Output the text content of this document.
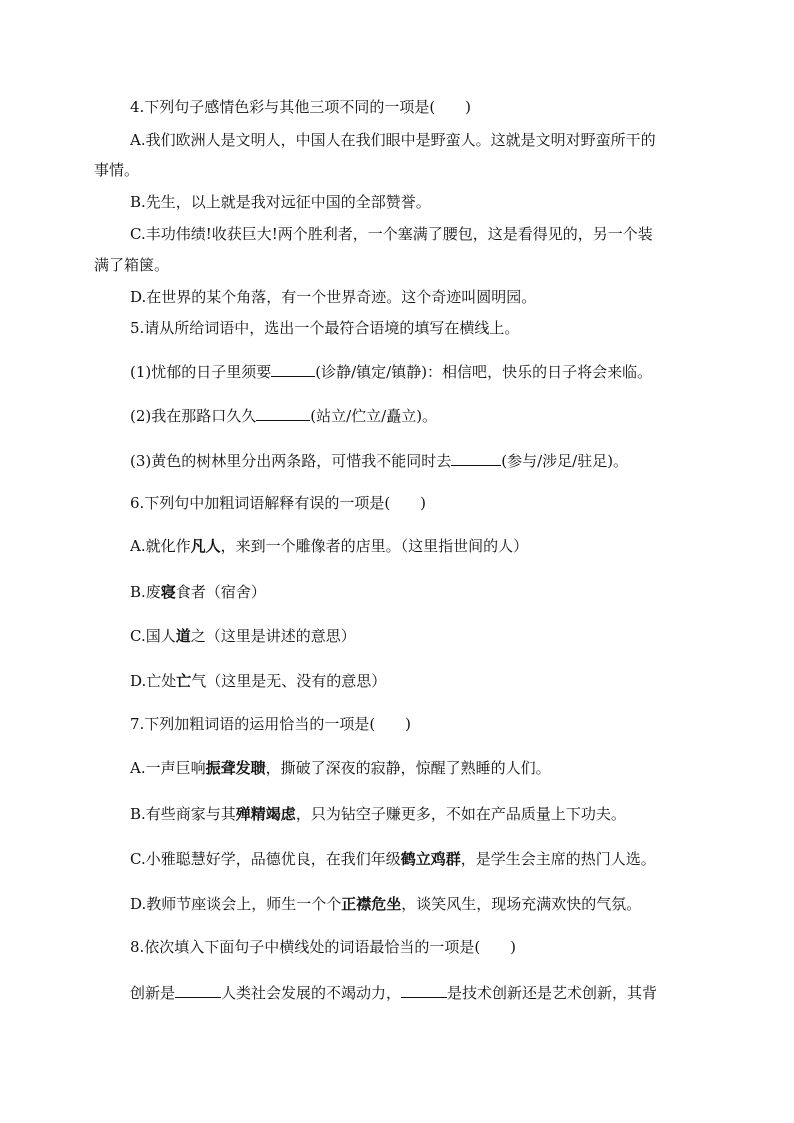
4.下列句子感情色彩与其他三项不同的一项是(　　)
A.我们欧洲人是文明人，中国人在我们眼中是野蛮人。这就是文明对野蛮所干的
事情。
B.先生，以上就是我对远征中国的全部赞誉。
C.丰功伟绩!收获巨大!两个胜利者，一个塞满了腰包，这是看得见的，另一个装
满了箱箧。
D.在世界的某个角落，有一个世界奇迹。这个奇迹叫圆明园。
5.请从所给词语中，选出一个最符合语境的填写在横线上。
(1)忧郁的日子里须要	(诊静/镇定/镇静)：相信吧，快乐的日子将会来临。
(2)我在那路口久久	(站立/伫立/矗立)。
(3)黄色的树林里分出两条路，可惜我不能同时去	(参与/涉足/驻足)。
6.下列句中加粗词语解释有误的一项是(　　)
A.就化作凡人，来到一个雕像者的店里。（这里指世间的人）
B.废寝食者（宿舍）
C.国人道之（这里是讲述的意思）
D.亡处亡气（这里是无、没有的意思）
7.下列加粗词语的运用恰当的一项是(　　)
A.一声巨响振聋发聩，撕破了深夜的寂静，惊醒了熟睡的人们。
B.有些商家与其殚精竭虑，只为钻空子赚更多，不如在产品质量上下功夫。
C.小雅聪慧好学，品德优良，在我们年级鹤立鸡群，是学生会主席的热门人选。
D.教师节座谈会上，师生一个个正襟危坐，谈笑风生，现场充满欢快的气氛。
8.依次填入下面句子中横线处的词语最恰当的一项是(　　)
创新是	人类社会发展的不竭动力，	是技术创新还是艺术创新，其背
